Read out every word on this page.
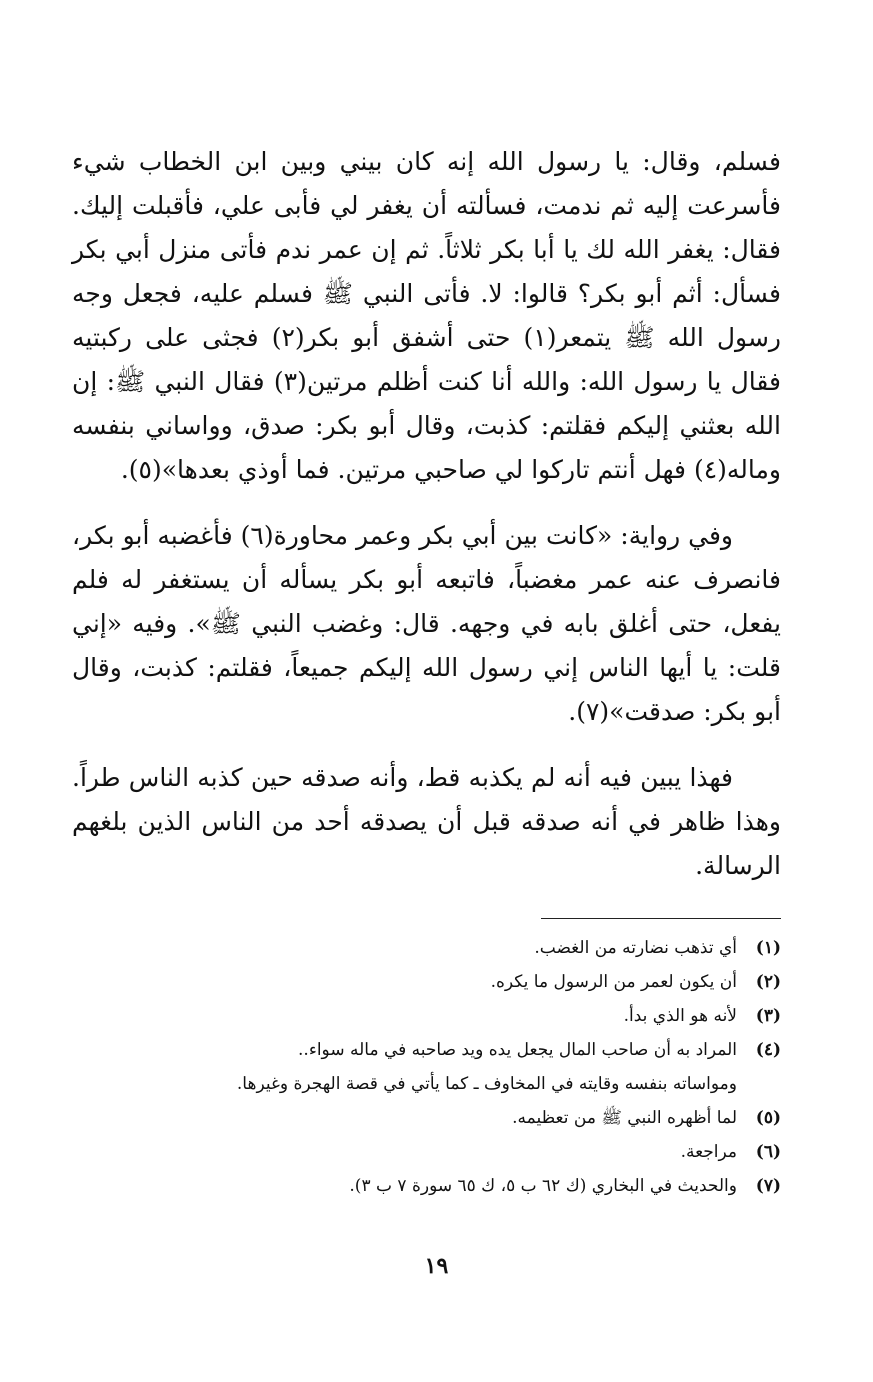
فسلم، وقال: يا رسول الله إنه كان بيني وبين ابن الخطاب شيء فأسرعت إليه ثم ندمت، فسألته أن يغفر لي فأبى علي، فأقبلت إليك. فقال: يغفر الله لك يا أبا بكر ثلاثاً. ثم إن عمر ندم فأتى منزل أبي بكر فسأل: أثم أبو بكر؟ قالوا: لا. فأتى النبي ﷺ فسلم عليه، فجعل وجه رسول الله ﷺ يتمعر(١) حتى أشفق أبو بكر(٢) فجثى على ركبتيه فقال يا رسول الله: والله أنا كنت أظلم مرتين(٣) فقال النبي ﷺ: إن الله بعثني إليكم فقلتم: كذبت، وقال أبو بكر: صدق، وواساني بنفسه وماله(٤) فهل أنتم تاركوا لي صاحبي مرتين. فما أوذي بعدها»(٥).

وفي رواية: «كانت بين أبي بكر وعمر محاورة(٦) فأغضبه أبو بكر، فانصرف عنه عمر مغضباً، فاتبعه أبو بكر يسأله أن يستغفر له فلم يفعل، حتى أغلق بابه في وجهه. قال: وغضب النبي ﷺ». وفيه «إني قلت: يا أيها الناس إني رسول الله إليكم جميعاً، فقلتم: كذبت، وقال أبو بكر: صدقت»(٧).

فهذا يبين فيه أنه لم يكذبه قط، وأنه صدقه حين كذبه الناس طراً. وهذا ظاهر في أنه صدقه قبل أن يصدقه أحد من الناس الذين بلغهم الرسالة.

(١)أي تذهب نضارته من الغضب.

(٢)أن يكون لعمر من الرسول ما يكره.

(٣)لأنه هو الذي بدأ.

(٤)المراد به أن صاحب المال يجعل يده ويد صاحبه في ماله سواء..
ومواساته بنفسه وقايته في المخاوف ـ كما يأتي في قصة الهجرة وغيرها.

(٥)لما أظهره النبي ﷺ من تعظيمه.

(٦)مراجعة.

(٧)والحديث في البخاري (ك ٦٢ ب ٥، ك ٦٥ سورة ٧ ب ٣).

١٩
